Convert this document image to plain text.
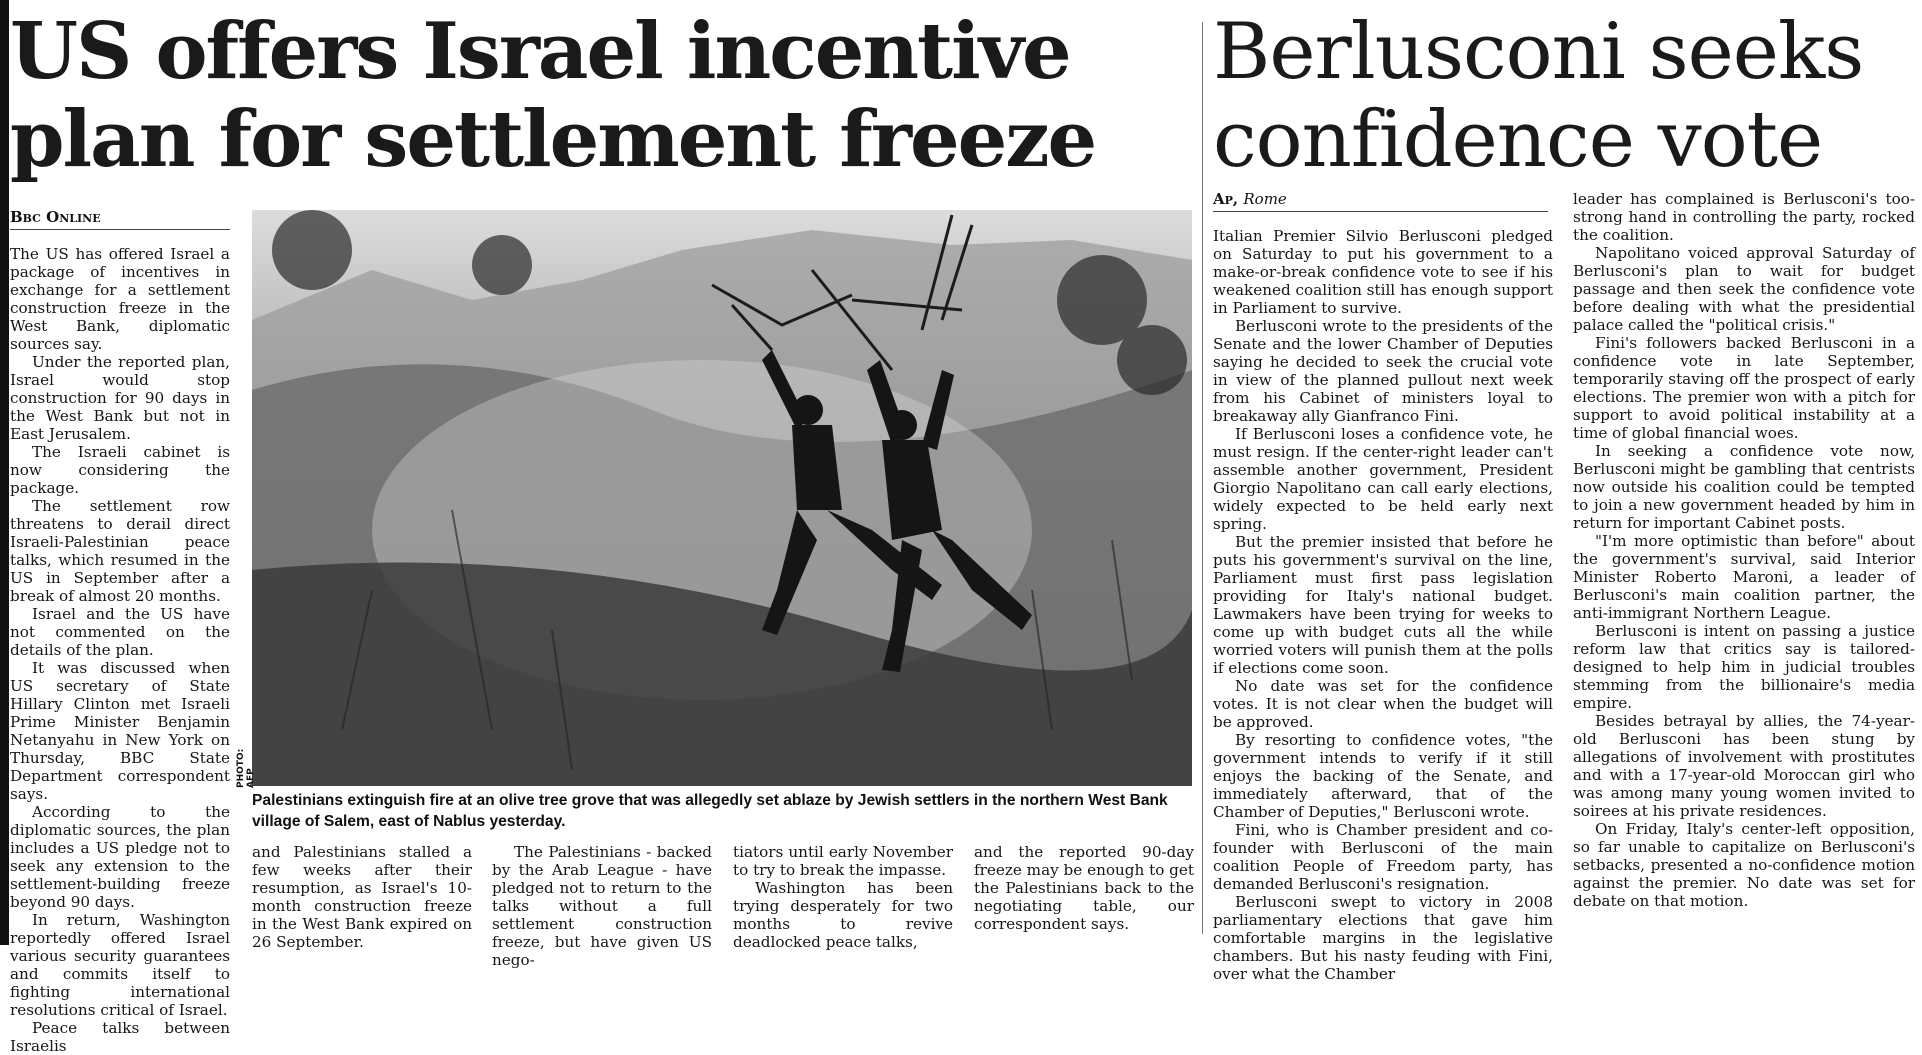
US offers Israel incentive plan for settlement freeze
Berlusconi seeks confidence vote
Bbc Online
Ap, Rome

The US has offered Israel a package of incentives in exchange for a settlement construction freeze in the West Bank, diplomatic sources say.

Under the reported plan, Israel would stop construction for 90 days in the West Bank but not in East Jerusalem.

The Israeli cabinet is now considering the package.

The settlement row threatens to derail direct Israeli-Palestinian peace talks, which resumed in the US in September after a break of almost 20 months.

Israel and the US have not commented on the details of the plan.

It was discussed when US secretary of State Hillary Clinton met Israeli Prime Minister Benjamin Netanyahu in New York on Thursday, BBC State Department correspondent says.

According to the diplomatic sources, the plan includes a US pledge not to seek any extension to the settlement-building freeze beyond 90 days.

In return, Washington reportedly offered Israel various security guarantees and commits itself to fighting international resolutions critical of Israel.

Peace talks between Israelis

PHOTO: AFP
Palestinians extinguish fire at an olive tree grove that was allegedly set ablaze by Jewish settlers in the northern West Bank village of Salem, east of Nablus yesterday.

and Palestinians stalled a few weeks after their resumption, as Israel's 10-month construction freeze in the West Bank expired on 26 September.

The Palestinians - backed by the Arab League - have pledged not to return to the talks without a full settlement construction freeze, but have given US nego-

tiators until early November to try to break the impasse.

Washington has been trying desperately for two months to revive deadlocked peace talks,

and the reported 90-day freeze may be enough to get the Palestinians back to the negotiating table, our correspondent says.

Italian Premier Silvio Berlusconi pledged on Saturday to put his government to a make-or-break confidence vote to see if his weakened coalition still has enough support in Parliament to survive.

Berlusconi wrote to the presidents of the Senate and the lower Chamber of Deputies saying he decided to seek the crucial vote in view of the planned pullout next week from his Cabinet of ministers loyal to breakaway ally Gianfranco Fini.

If Berlusconi loses a confidence vote, he must resign. If the center-right leader can't assemble another government, President Giorgio Napolitano can call early elections, widely expected to be held early next spring.

But the premier insisted that before he puts his government's survival on the line, Parliament must first pass legislation providing for Italy's national budget. Lawmakers have been trying for weeks to come up with budget cuts all the while worried voters will punish them at the polls if elections come soon.

No date was set for the confidence votes. It is not clear when the budget will be approved.

By resorting to confidence votes, "the government intends to verify if it still enjoys the backing of the Senate, and immediately afterward, that of the Chamber of Deputies," Berlusconi wrote.

Fini, who is Chamber president and co-founder with Berlusconi of the main coalition People of Freedom party, has demanded Berlusconi's resignation.

Berlusconi swept to victory in 2008 parliamentary elections that gave him comfortable margins in the legislative chambers. But his nasty feuding with Fini, over what the Chamber

leader has complained is Berlusconi's too-strong hand in controlling the party, rocked the coalition.

Napolitano voiced approval Saturday of Berlusconi's plan to wait for budget passage and then seek the confidence vote before dealing with what the presidential palace called the "political crisis."

Fini's followers backed Berlusconi in a confidence vote in late September, temporarily staving off the prospect of early elections. The premier won with a pitch for support to avoid political instability at a time of global financial woes.

In seeking a confidence vote now, Berlusconi might be gambling that centrists now outside his coalition could be tempted to join a new government headed by him in return for important Cabinet posts.

"I'm more optimistic than before" about the government's survival, said Interior Minister Roberto Maroni, a leader of Berlusconi's main coalition partner, the anti-immigrant Northern League.

Berlusconi is intent on passing a justice reform law that critics say is tailored-designed to help him in judicial troubles stemming from the billionaire's media empire.

Besides betrayal by allies, the 74-year-old Berlusconi has been stung by allegations of involvement with prostitutes and with a 17-year-old Moroccan girl who was among many young women invited to soirees at his private residences.

On Friday, Italy's center-left opposition, so far unable to capitalize on Berlusconi's setbacks, presented a no-confidence motion against the premier. No date was set for debate on that motion.
